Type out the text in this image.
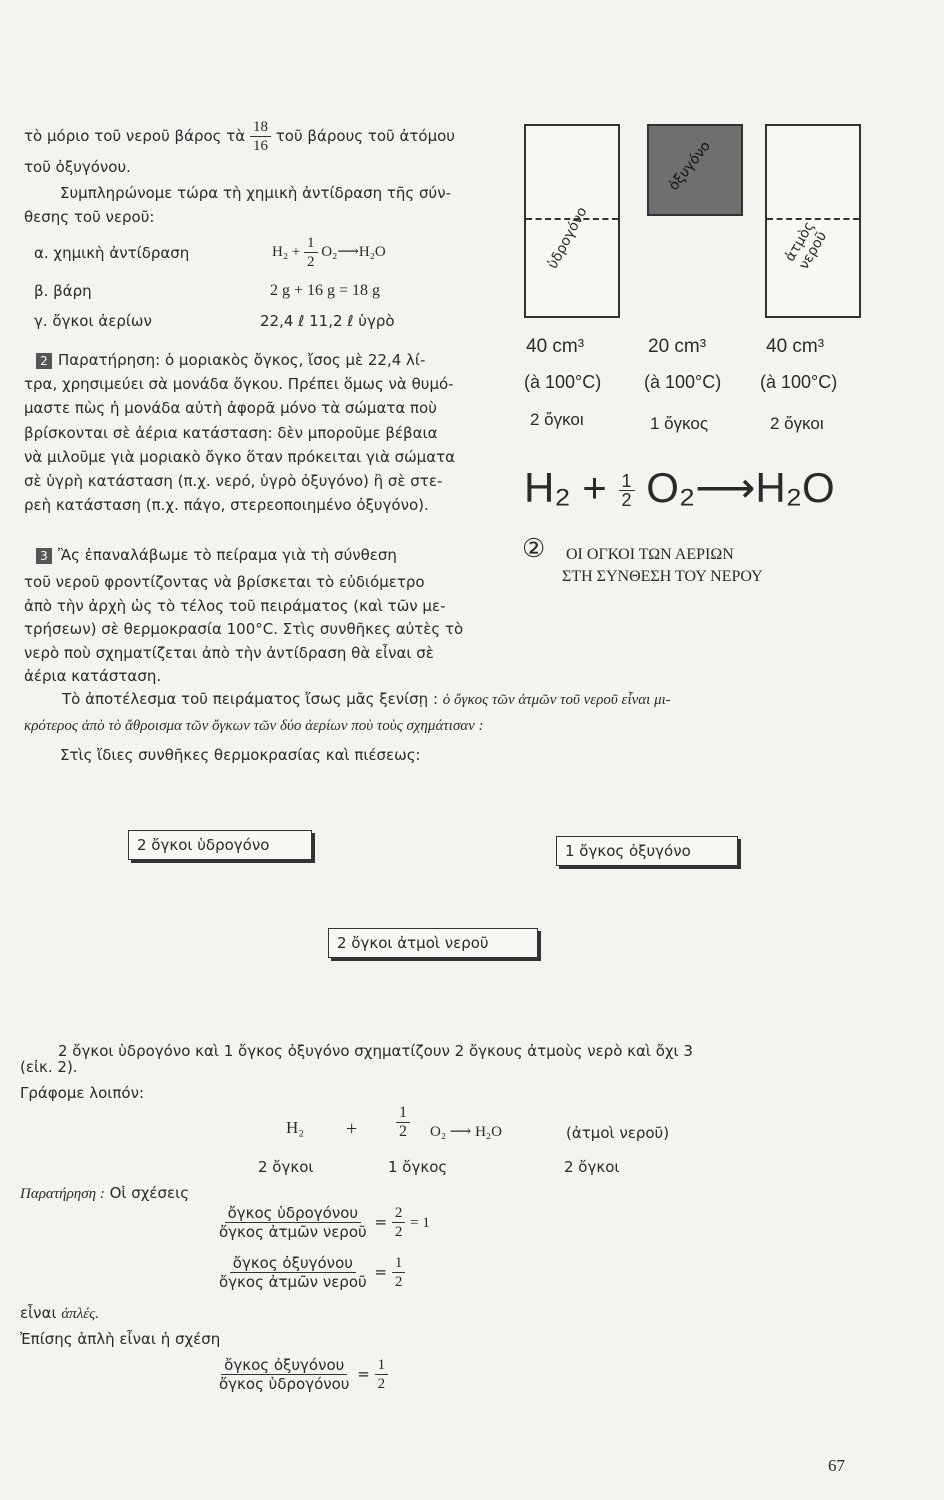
τὸ μόριο τοῦ νεροῦ βάρος τὰ $\frac{18}{16}$ τοῦ βάρους τοῦ ἀτόμου
τοῦ ὀξυγόνου.
Συμπληρώνομε τώρα τὴ χημικὴ ἀντίδραση τῆς σύν-
θεσης τοῦ νεροῦ:
α. χημικὴ ἀντίδραση	$H_2 + \frac{1}{2}$ O₂⟶H₂O
β. βάρη	2 g + 16 g = 18 g
γ. ὄγκοι ἀερίων	22,4 ℓ 11,2 ℓ ὑγρὸ
2 Παρατήρηση: ὁ μοριακὸς ὄγκος, ἴσος μὲ 22,4 λί-
τρα, χρησιμεύει σὰ μονάδα ὄγκου. Πρέπει ὅμως νὰ θυμό-
μαστε πὼς ἡ μονάδα αὐτὴ ἀφορᾶ μόνο τὰ σώματα ποὺ
βρίσκονται σὲ ἀέρια κατάσταση: δὲν μποροῦμε βέβαια
νὰ μιλοῦμε γιὰ μοριακὸ ὄγκο ὅταν πρόκειται γιὰ σώματα
σὲ ὑγρὴ κατάσταση (π.χ. νερό, ὑγρὸ ὀξυγόνο) ἢ σὲ στε-
ρεὴ κατάσταση (π.χ. πάγο, στερεοποιημένο ὀξυγόνο).
3 Ἂς ἐπαναλάβωμε τὸ πείραμα γιὰ τὴ σύνθεση
τοῦ νεροῦ φροντίζοντας νὰ βρίσκεται τὸ εὐδιόμετρο
ἀπὸ τὴν ἀρχὴ ὡς τὸ τέλος τοῦ πειράματος (καὶ τῶν με-
τρήσεων) σὲ θερμοκρασία 100°C. Στὶς συνθῆκες αὐτὲς τὸ
νερὸ ποὺ σχηματίζεται ἀπὸ τὴν ἀντίδραση θὰ εἶναι σὲ
ἀέρια κατάσταση.
ὑδρογόνο
ὀξυγόνο
ἀτμὸς νεροῦ
40 cm³	20 cm³	40 cm³
(à 100°C) (à 100°C) (à 100°C)
2 ὄγκοι	1 ὄγκος	2 ὄγκοι
$H_2 + \frac{1}{2}$ O₂⟶H₂O
② ΟΙ ΟΓΚΟΙ ΤΩΝ ΑΕΡΙΩΝ
ΣΤΗ ΣΥΝΘΕΣΗ ΤΟΥ ΝΕΡΟΥ
Τὸ ἀποτέλεσμα τοῦ πειράματος ἴσως μᾶς ξενίσῃ : ὁ ὄγκος τῶν ἀτμῶν τοῦ νεροῦ εἶναι μι-
κρότερος ἀπὸ τὸ ἄθροισμα τῶν ὄγκων τῶν δύο ἀερίων ποὺ τοὺς σχημάτισαν :
Στὶς ἴδιες συνθῆκες θερμοκρασίας καὶ πιέσεως:
2 ὄγκοι ὑδρογόνο	1 ὄγκος ὀξυγόνο
2 ὄγκοι ἀτμοὶ νεροῦ
2 ὄγκοι ὑδρογόνο καὶ 1 ὄγκος ὀξυγόνο σχηματίζουν 2 ὄγκους ἀτμοὺς νερὸ καὶ ὄχι 3
(εἰκ. 2).
Γράφομε λοιπόν:
$H_2 + \frac{1}{2} O_2$ ⟶ H₂O	(ἀτμοὶ νεροῦ)
2 ὄγκοι	1 ὄγκος	2 ὄγκοι
Παρατήρηση : Οἱ σχέσεις
$\frac{\text{ὄγκος ὑδρογόνου}}{\text{ὄγκος ἀτμῶν νεροῦ}} = \frac{2}{2} = 1$
$\frac{\text{ὄγκος ὀξυγόνου}}{\text{ὄγκος ἀτμῶν νεροῦ}} = \frac{1}{2}$
εἶναι ἁπλές.
Ἐπίσης ἁπλὴ εἶναι ἡ σχέση
$\frac{\text{ὄγκος ὀξυγόνου}}{\text{ὄγκος ὑδρογόνου}} = \frac{1}{2}$
67
